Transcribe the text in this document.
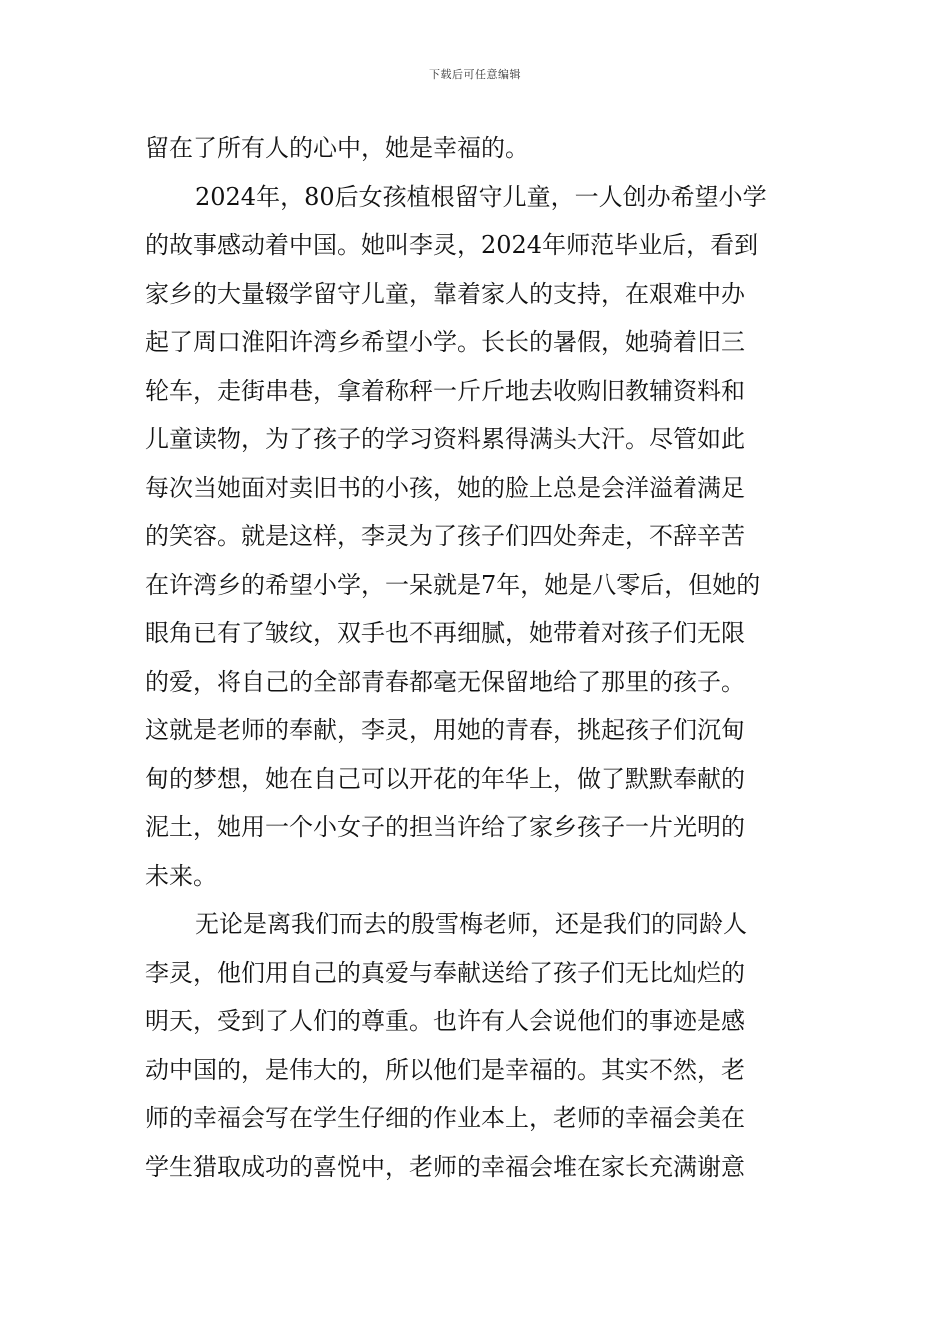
下载后可任意编辑
留在了所有人的心中，她是幸福的。
2024年，80后女孩植根留守儿童，一人创办希望小学
的故事感动着中国。她叫李灵，2024年师范毕业后，看到
家乡的大量辍学留守儿童，靠着家人的支持，在艰难中办
起了周口淮阳许湾乡希望小学。长长的暑假，她骑着旧三
轮车，走街串巷，拿着称秤一斤斤地去收购旧教辅资料和
儿童读物，为了孩子的学习资料累得满头大汗。尽管如此
每次当她面对卖旧书的小孩，她的脸上总是会洋溢着满足
的笑容。就是这样，李灵为了孩子们四处奔走，不辞辛苦
在许湾乡的希望小学，一呆就是7年，她是八零后，但她的
眼角已有了皱纹，双手也不再细腻，她带着对孩子们无限
的爱，将自己的全部青春都毫无保留地给了那里的孩子。
这就是老师的奉献，李灵，用她的青春，挑起孩子们沉甸
甸的梦想，她在自己可以开花的年华上，做了默默奉献的
泥土，她用一个小女子的担当许给了家乡孩子一片光明的
未来。
无论是离我们而去的殷雪梅老师，还是我们的同龄人
李灵，他们用自己的真爱与奉献送给了孩子们无比灿烂的
明天，受到了人们的尊重。也许有人会说他们的事迹是感
动中国的，是伟大的，所以他们是幸福的。其实不然，老
师的幸福会写在学生仔细的作业本上，老师的幸福会美在
学生猎取成功的喜悦中，老师的幸福会堆在家长充满谢意
